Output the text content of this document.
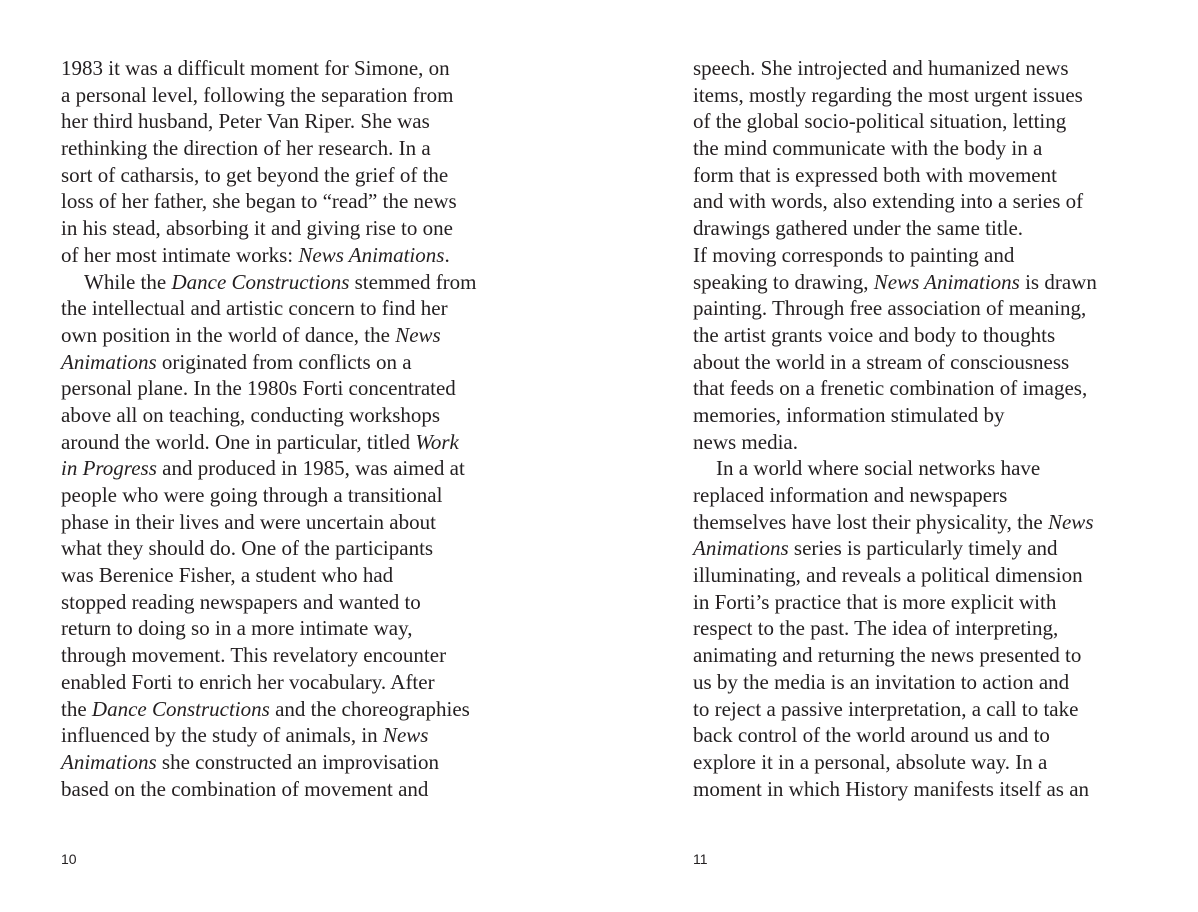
1983 it was a difficult moment for Simone, on
a personal level, following the separation from
her third husband, Peter Van Riper. She was
rethinking the direction of her research. In a
sort of catharsis, to get beyond the grief of the
loss of her father, she began to “read” the news
in his stead, absorbing it and giving rise to one
of her most intimate works: News Animations.
While the Dance Constructions stemmed from
the intellectual and artistic concern to find her
own position in the world of dance, the News
Animations originated from conflicts on a
personal plane. In the 1980s Forti concentrated
above all on teaching, conducting workshops
around the world. One in particular, titled Work
in Progress and produced in 1985, was aimed at
people who were going through a transitional
phase in their lives and were uncertain about
what they should do. One of the participants
was Berenice Fisher, a student who had
stopped reading newspapers and wanted to
return to doing so in a more intimate way,
through movement. This revelatory encounter
enabled Forti to enrich her vocabulary. After
the Dance Constructions and the choreographies
influenced by the study of animals, in News
Animations she constructed an improvisation
based on the combination of movement and
speech. She introjected and humanized news
items, mostly regarding the most urgent issues
of the global socio-political situation, letting
the mind communicate with the body in a
form that is expressed both with movement
and with words, also extending into a series of
drawings gathered under the same title.
If moving corresponds to painting and
speaking to drawing, News Animations is drawn
painting. Through free association of meaning,
the artist grants voice and body to thoughts
about the world in a stream of consciousness
that feeds on a frenetic combination of images,
memories, information stimulated by
news media.
In a world where social networks have
replaced information and newspapers
themselves have lost their physicality, the News
Animations series is particularly timely and
illuminating, and reveals a political dimension
in Forti’s practice that is more explicit with
respect to the past. The idea of interpreting,
animating and returning the news presented to
us by the media is an invitation to action and
to reject a passive interpretation, a call to take
back control of the world around us and to
explore it in a personal, absolute way. In a
moment in which History manifests itself as an
10	11
